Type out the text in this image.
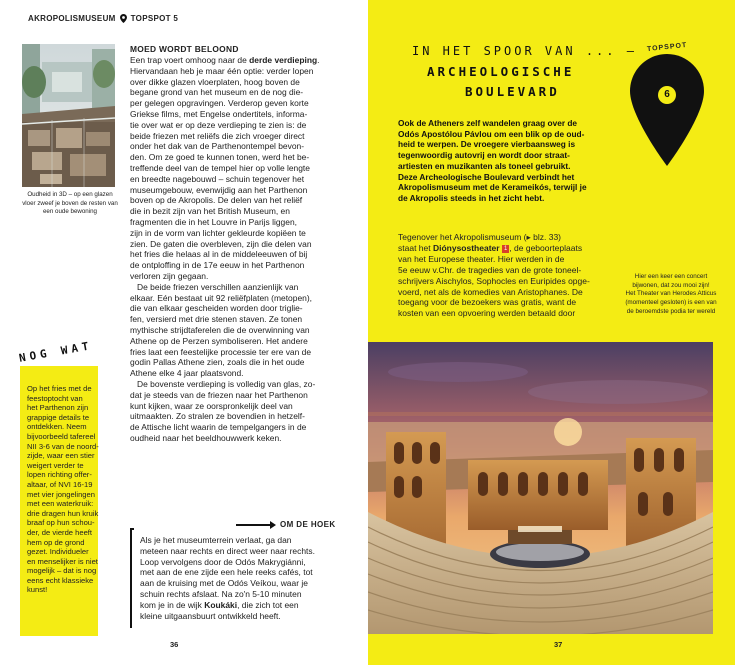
AKROPOLISMUSEUM TOPSPOT 5
Oudheid in 3D – op een glazen
vloer zweef je boven de resten van
een oude bewoning
NOG WAT
Op het fries met de
feestoptocht van
het Parthenon zijn
grappige details te
ontdekken. Neem
bijvoorbeeld tafereel
NII 3-6 van de noord-
zijde, waar een stier
weigert verder te
lopen richting offer-
altaar, of NVI 16-19
met vier jongelingen
met een waterkruik:
drie dragen hun kruik
braaf op hun schou-
der, de vierde heeft
hem op de grond
gezet. Individueler
en menselijker is niet
mogelijk – dat is nog
eens echt klassieke
kunst!
MOED WORDT BELOOND
Een trap voert omhoog naar de derde verdieping.
Hiervandaan heb je maar één optie: verder lopen
over dikke glazen vloerplaten, hoog boven de
begane grond van het museum en de nog die-
per gelegen opgravingen. Verderop geven korte
Griekse films, met Engelse ondertitels, informa-
tie over wat er op deze verdieping te zien is: de
beide friezen met reliëfs die zich vroeger direct
onder het dak van de Parthenontempel bevon-
den. Om ze goed te kunnen tonen, werd het be-
treffende deel van de tempel hier op volle lengte
en breedte nagebouwd – schuin tegenover het
museumgebouw, evenwijdig aan het Parthenon
boven op de Akropolis. De delen van het reliëf
die in bezit zijn van het British Museum, en
fragmenten die in het Louvre in Parijs liggen,
zijn in de vorm van lichter gekleurde kopiëen te
zien. De gaten die overbleven, zijn die delen van
het fries die helaas al in de middeleeuwen of bij
de ontploffing in de 17e eeuw in het Parthenon
verloren zijn gegaan.
De beide friezen verschillen aanzienlijk van
elkaar. Eén bestaat uit 92 reliëfplaten (metopen),
die van elkaar gescheiden worden door triglie-
fen, versierd met drie stenen staven. Ze tonen
mythische strijdtaferelen die de overwinning van
Athene op de Perzen symboliseren. Het andere
fries laat een feestelijke processie ter ere van de
godin Pallas Athene zien, zoals die in het oude
Athene elke 4 jaar plaatsvond.
De bovenste verdieping is volledig van glas, zo-
dat je steeds van de friezen naar het Parthenon
kunt kijken, waar ze oorspronkelijk deel van
uitmaakten. Zo stralen ze bovendien in hetzelf-
de Attische licht waarin de tempelgangers in de
oudheid naar het beeldhouwwerk keken.
OM DE HOEK
Als je het museumterrein verlaat, ga dan
meteen naar rechts en direct weer naar rechts.
Loop vervolgens door de Odós Makrygiánni,
met aan de ene zijde een hele reeks cafés, tot
aan de kruising met de Odós Veíkou, waar je
schuin rechts afslaat. Na zo'n 5-10 minuten
kom je in de wijk Koukáki, die zich tot een
kleine uitgaansbuurt ontwikkeld heeft.
36
IN HET SPOOR VAN ... –
ARCHEOLOGISCHE
BOULEVARD
TOPSPOT
6
Ook de Atheners zelf wandelen graag over de
Odós Apostólou Pávlou om een blik op de oud-
heid te werpen. De vroegere vierbaansweg is
tegenwoordig autovrij en wordt door straat-
artiesten en muzikanten als toneel gebruikt.
Deze Archeologische Boulevard verbindt het
Akropolismuseum met de Kerameikós, terwijl je
de Akropolis steeds in het zicht hebt.
Tegenover het Akropolismuseum (▸ blz. 33)
staat het Diónysostheater 1 , de geboorteplaats
van het Europese theater. Hier werden in de
5e eeuw v.Chr. de tragedies van de grote toneel-
schrijvers Aischylos, Sophocles en Euripides opge-
voerd, net als de komedies van Aristophanes. De
toegang voor de bezoekers was gratis, want de
kosten van een opvoering werden betaald door
Hier een keer een concert
bijwonen, dat zou mooi zijn!
Het Theater van Herodes Atticus
(momenteel gesloten) is een van
de beroemdste podia ter wereld
37
